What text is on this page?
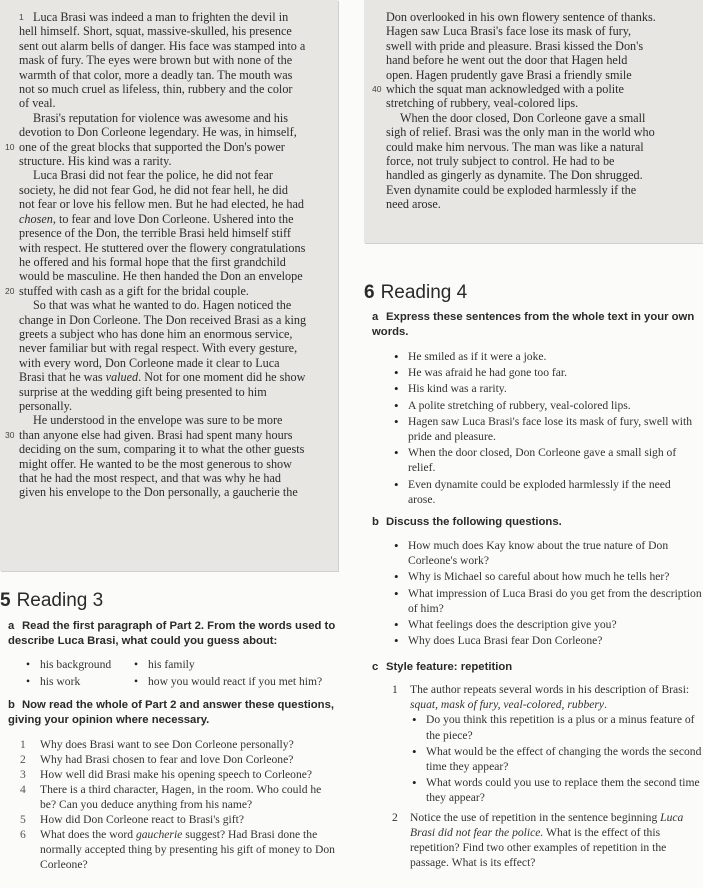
1 Luca Brasi was indeed a man to frighten the devil in
hell himself. Short, squat, massive-skulled, his presence
sent out alarm bells of danger. His face was stamped into a
mask of fury. The eyes were brown but with none of the
warmth of that color, more a deadly tan. The mouth was
not so much cruel as lifeless, thin, rubbery and the color
of veal.
Brasi's reputation for violence was awesome and his
devotion to Don Corleone legendary. He was, in himself,
10 one of the great blocks that supported the Don's power
structure. His kind was a rarity.
Luca Brasi did not fear the police, he did not fear
society, he did not fear God, he did not fear hell, he did
not fear or love his fellow men. But he had elected, he had
chosen, to fear and love Don Corleone. Ushered into the
presence of the Don, the terrible Brasi held himself stiff
with respect. He stuttered over the flowery congratulations
he offered and his formal hope that the first grandchild
would be masculine. He then handed the Don an envelope
20 stuffed with cash as a gift for the bridal couple.
So that was what he wanted to do. Hagen noticed the
change in Don Corleone. The Don received Brasi as a king
greets a subject who has done him an enormous service,
never familiar but with regal respect. With every gesture,
with every word, Don Corleone made it clear to Luca
Brasi that he was valued. Not for one moment did he show
surprise at the wedding gift being presented to him
personally.
He understood in the envelope was sure to be more
30 than anyone else had given. Brasi had spent many hours
deciding on the sum, comparing it to what the other guests
might offer. He wanted to be the most generous to show
that he had the most respect, and that was why he had
given his envelope to the Don personally, a gaucherie the
Don overlooked in his own flowery sentence of thanks.
Hagen saw Luca Brasi's face lose its mask of fury,
swell with pride and pleasure. Brasi kissed the Don's
hand before he went out the door that Hagen held
open. Hagen prudently gave Brasi a friendly smile
40 which the squat man acknowledged with a polite
stretching of rubbery, veal-colored lips.
When the door closed, Don Corleone gave a small
sigh of relief. Brasi was the only man in the world who
could make him nervous. The man was like a natural
force, not truly subject to control. He had to be
handled as gingerly as dynamite. The Don shrugged.
Even dynamite could be exploded harmlessly if the
need arose.
5 Reading 3
a Read the first paragraph of Part 2. From the words used to describe Luca Brasi, what could you guess about:
• his background	• his family
• his work	• how you would react if you met him?
b Now read the whole of Part 2 and answer these questions, giving your opinion where necessary.
1 Why does Brasi want to see Don Corleone personally?
2 Why had Brasi chosen to fear and love Don Corleone?
3 How well did Brasi make his opening speech to Corleone?
4 There is a third character, Hagen, in the room. Who could he be? Can you deduce anything from his name?
5 How did Don Corleone react to Brasi's gift?
6 What does the word gaucherie suggest? Had Brasi done the normally accepted thing by presenting his gift of money to Don Corleone?
6 Reading 4
a Express these sentences from the whole text in your own words.
• He smiled as if it were a joke.
• He was afraid he had gone too far.
• His kind was a rarity.
• A polite stretching of rubbery, veal-colored lips.
• Hagen saw Luca Brasi's face lose its mask of fury, swell with pride and pleasure.
• When the door closed, Don Corleone gave a small sigh of relief.
• Even dynamite could be exploded harmlessly if the need arose.
b Discuss the following questions.
• How much does Kay know about the true nature of Don Corleone's work?
• Why is Michael so careful about how much he tells her?
• What impression of Luca Brasi do you get from the description of him?
• What feelings does the description give you?
• Why does Luca Brasi fear Don Corleone?
c Style feature: repetition
1 The author repeats several words in his description of Brasi: squat, mask of fury, veal-colored, rubbery.
• Do you think this repetition is a plus or a minus feature of the piece?
• What would be the effect of changing the words the second time they appear?
• What words could you use to replace them the second time they appear?
2 Notice the use of repetition in the sentence beginning Luca Brasi did not fear the police. What is the effect of this repetition? Find two other examples of repetition in the passage. What is its effect?
